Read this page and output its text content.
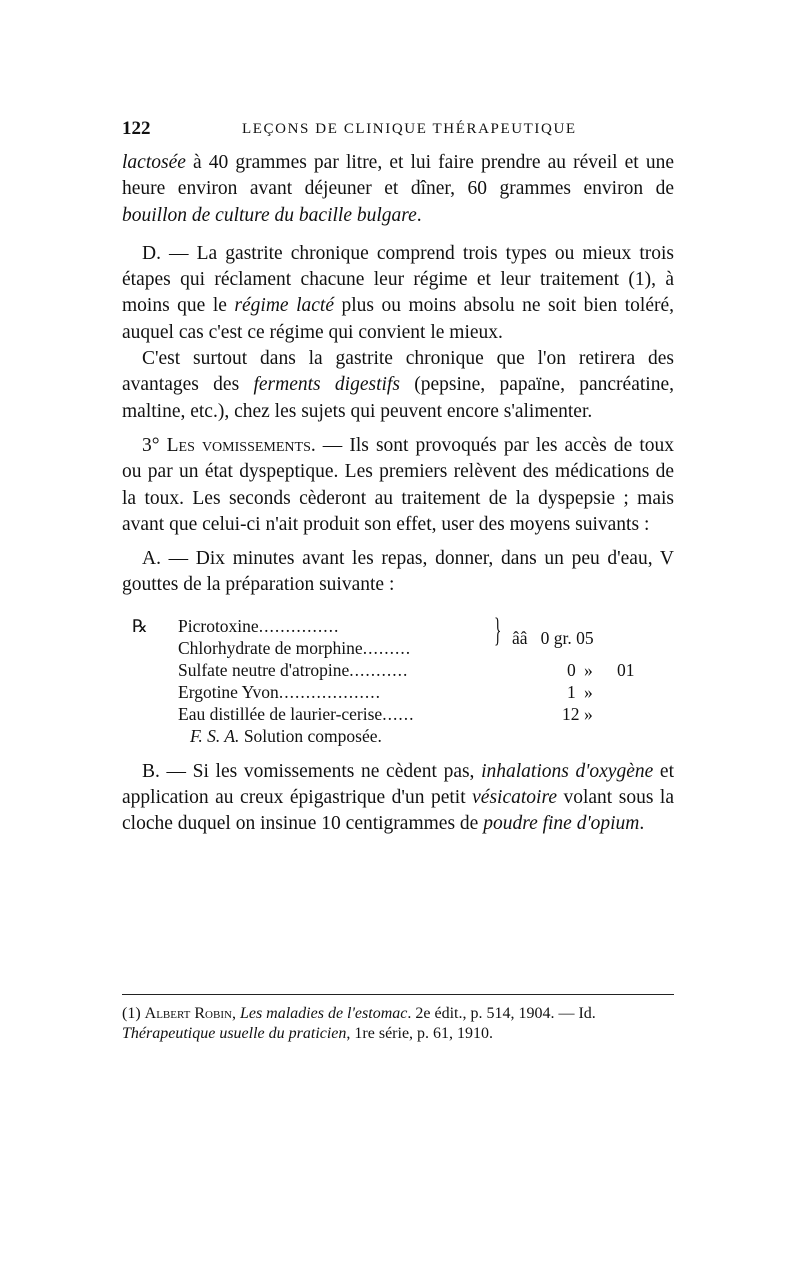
122	LEÇONS DE CLINIQUE THÉRAPEUTIQUE

lactosée à 40 grammes par litre, et lui faire prendre au réveil et une heure environ avant déjeuner et dîner, 60 grammes environ de bouillon de culture du bacille bulgare.

D. — La gastrite chronique comprend trois types ou mieux trois étapes qui réclament chacune leur régime et leur traitement (1), à moins que le régime lacté plus ou moins absolu ne soit bien toléré, auquel cas c'est ce régime qui convient le mieux.

C'est surtout dans la gastrite chronique que l'on retirera des avantages des ferments digestifs (pepsine, papaïne, pancréatine, maltine, etc.), chez les sujets qui peuvent encore s'alimenter.

3° Les vomissements. — Ils sont provoqués par les accès de toux ou par un état dyspeptique. Les premiers relèvent des médications de la toux. Les seconds cèderont au traitement de la dyspepsie ; mais avant que celui-ci n'ait produit son effet, user des moyens suivants :

A. — Dix minutes avant les repas, donner, dans un peu d'eau, V gouttes de la préparation suivante :

℞ Picrotoxine...............
Chlorhydrate de morphine......... } ââ   0 gr. 05
Sulfate neutre d'atropine...........	0 » 01
Ergotine Yvon...................	1 »
Eau distillée de laurier-cerise......	12 »
F. S. A. Solution composée.

B. — Si les vomissements ne cèdent pas, inhalations d'oxygène et application au creux épigastrique d'un petit vésicatoire volant sous la cloche duquel on insinue 10 centigrammes de poudre fine d'opium.

(1) Albert Robin, Les maladies de l'estomac. 2e édit., p. 514, 1904. — Id. Thérapeutique usuelle du praticien, 1re série, p. 61, 1910.
